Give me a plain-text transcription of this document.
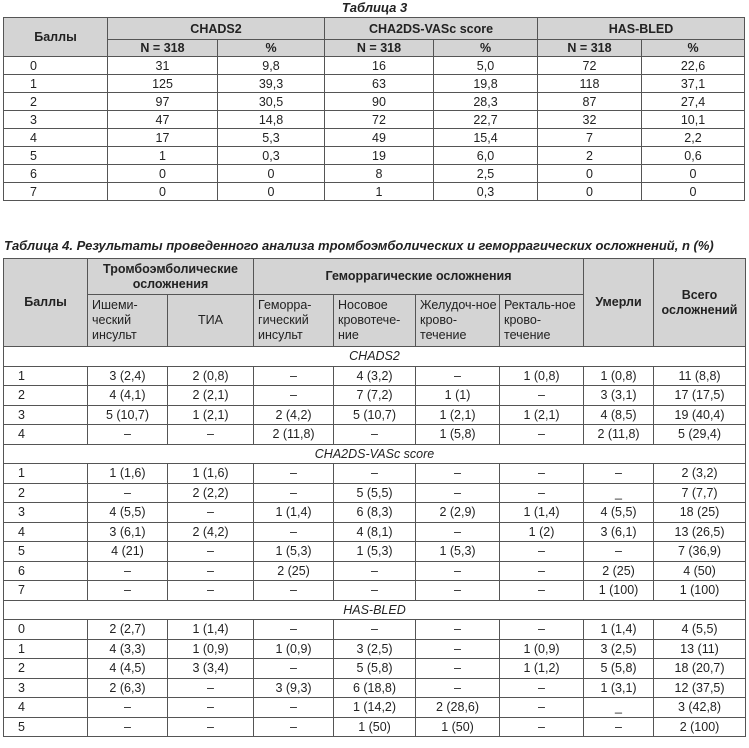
Таблица 3
Баллы	CHADS2		CHA2DS-VASc score		HAS-BLED	
	N = 318	%	N = 318	%	N = 318	%
0	31	9,8	16	5,0	72	22,6
1	125	39,3	63	19,8	118	37,1
2	97	30,5	90	28,3	87	27,4
3	47	14,8	72	22,7	32	10,1
4	17	5,3	49	15,4	7	2,2
5	1	0,3	19	6,0	2	0,6
6	0	0	8	2,5	0	0
7	0	0	1	0,3	0	0
Таблица 4. Результаты проведенного анализа тромбоэмболических и геморрагических осложнений, n (%)
Баллы	Тромбоэмболические осложнения		Геморрагические осложнения				Умерли	Всего осложнений
	Ишеми-ческий инсульт	ТИА	Геморра-гический инсульт	Носовое кровотече-ние	Желудоч-ное крово-течение	Ректаль-ное крово-течение		
CHADS2								
1	3 (2,4)	2 (0,8)	–	4 (3,2)	–	1 (0,8)	1 (0,8)	11 (8,8)
2	4 (4,1)	2 (2,1)	–	7 (7,2)	1 (1)	–	3 (3,1)	17 (17,5)
3	5 (10,7)	1 (2,1)	2 (4,2)	5 (10,7)	1 (2,1)	1 (2,1)	4 (8,5)	19 (40,4)
4	–	–	2 (11,8)	–	1 (5,8)	–	2 (11,8)	5 (29,4)
CHA2DS-VASc score								
1	1 (1,6)	1 (1,6)	–	–	–	–	–	2 (3,2)
2	–	2 (2,2)	–	5 (5,5)	–	–	_	7 (7,7)
3	4 (5,5)	–	1 (1,4)	6 (8,3)	2 (2,9)	1 (1,4)	4 (5,5)	18 (25)
4	3 (6,1)	2 (4,2)	–	4 (8,1)	–	1 (2)	3 (6,1)	13 (26,5)
5	4 (21)	–	1 (5,3)	1 (5,3)	1 (5,3)	–	–	7 (36,9)
6	–	–	2 (25)	–	–	–	2 (25)	4 (50)
7	–	–	–	–	–	–	1 (100)	1 (100)
HAS-BLED								
0	2 (2,7)	1 (1,4)	–	–	–	–	1 (1,4)	4 (5,5)
1	4 (3,3)	1 (0,9)	1 (0,9)	3 (2,5)	–	1 (0,9)	3 (2,5)	13 (11)
2	4 (4,5)	3 (3,4)	–	5 (5,8)	–	1 (1,2)	5 (5,8)	18 (20,7)
3	2 (6,3)	–	3 (9,3)	6 (18,8)	–	–	1 (3,1)	12 (37,5)
4	–	–	–	1 (14,2)	2 (28,6)	–	_	3 (42,8)
5	–	–	–	1 (50)	1 (50)	–	–	2 (100)
